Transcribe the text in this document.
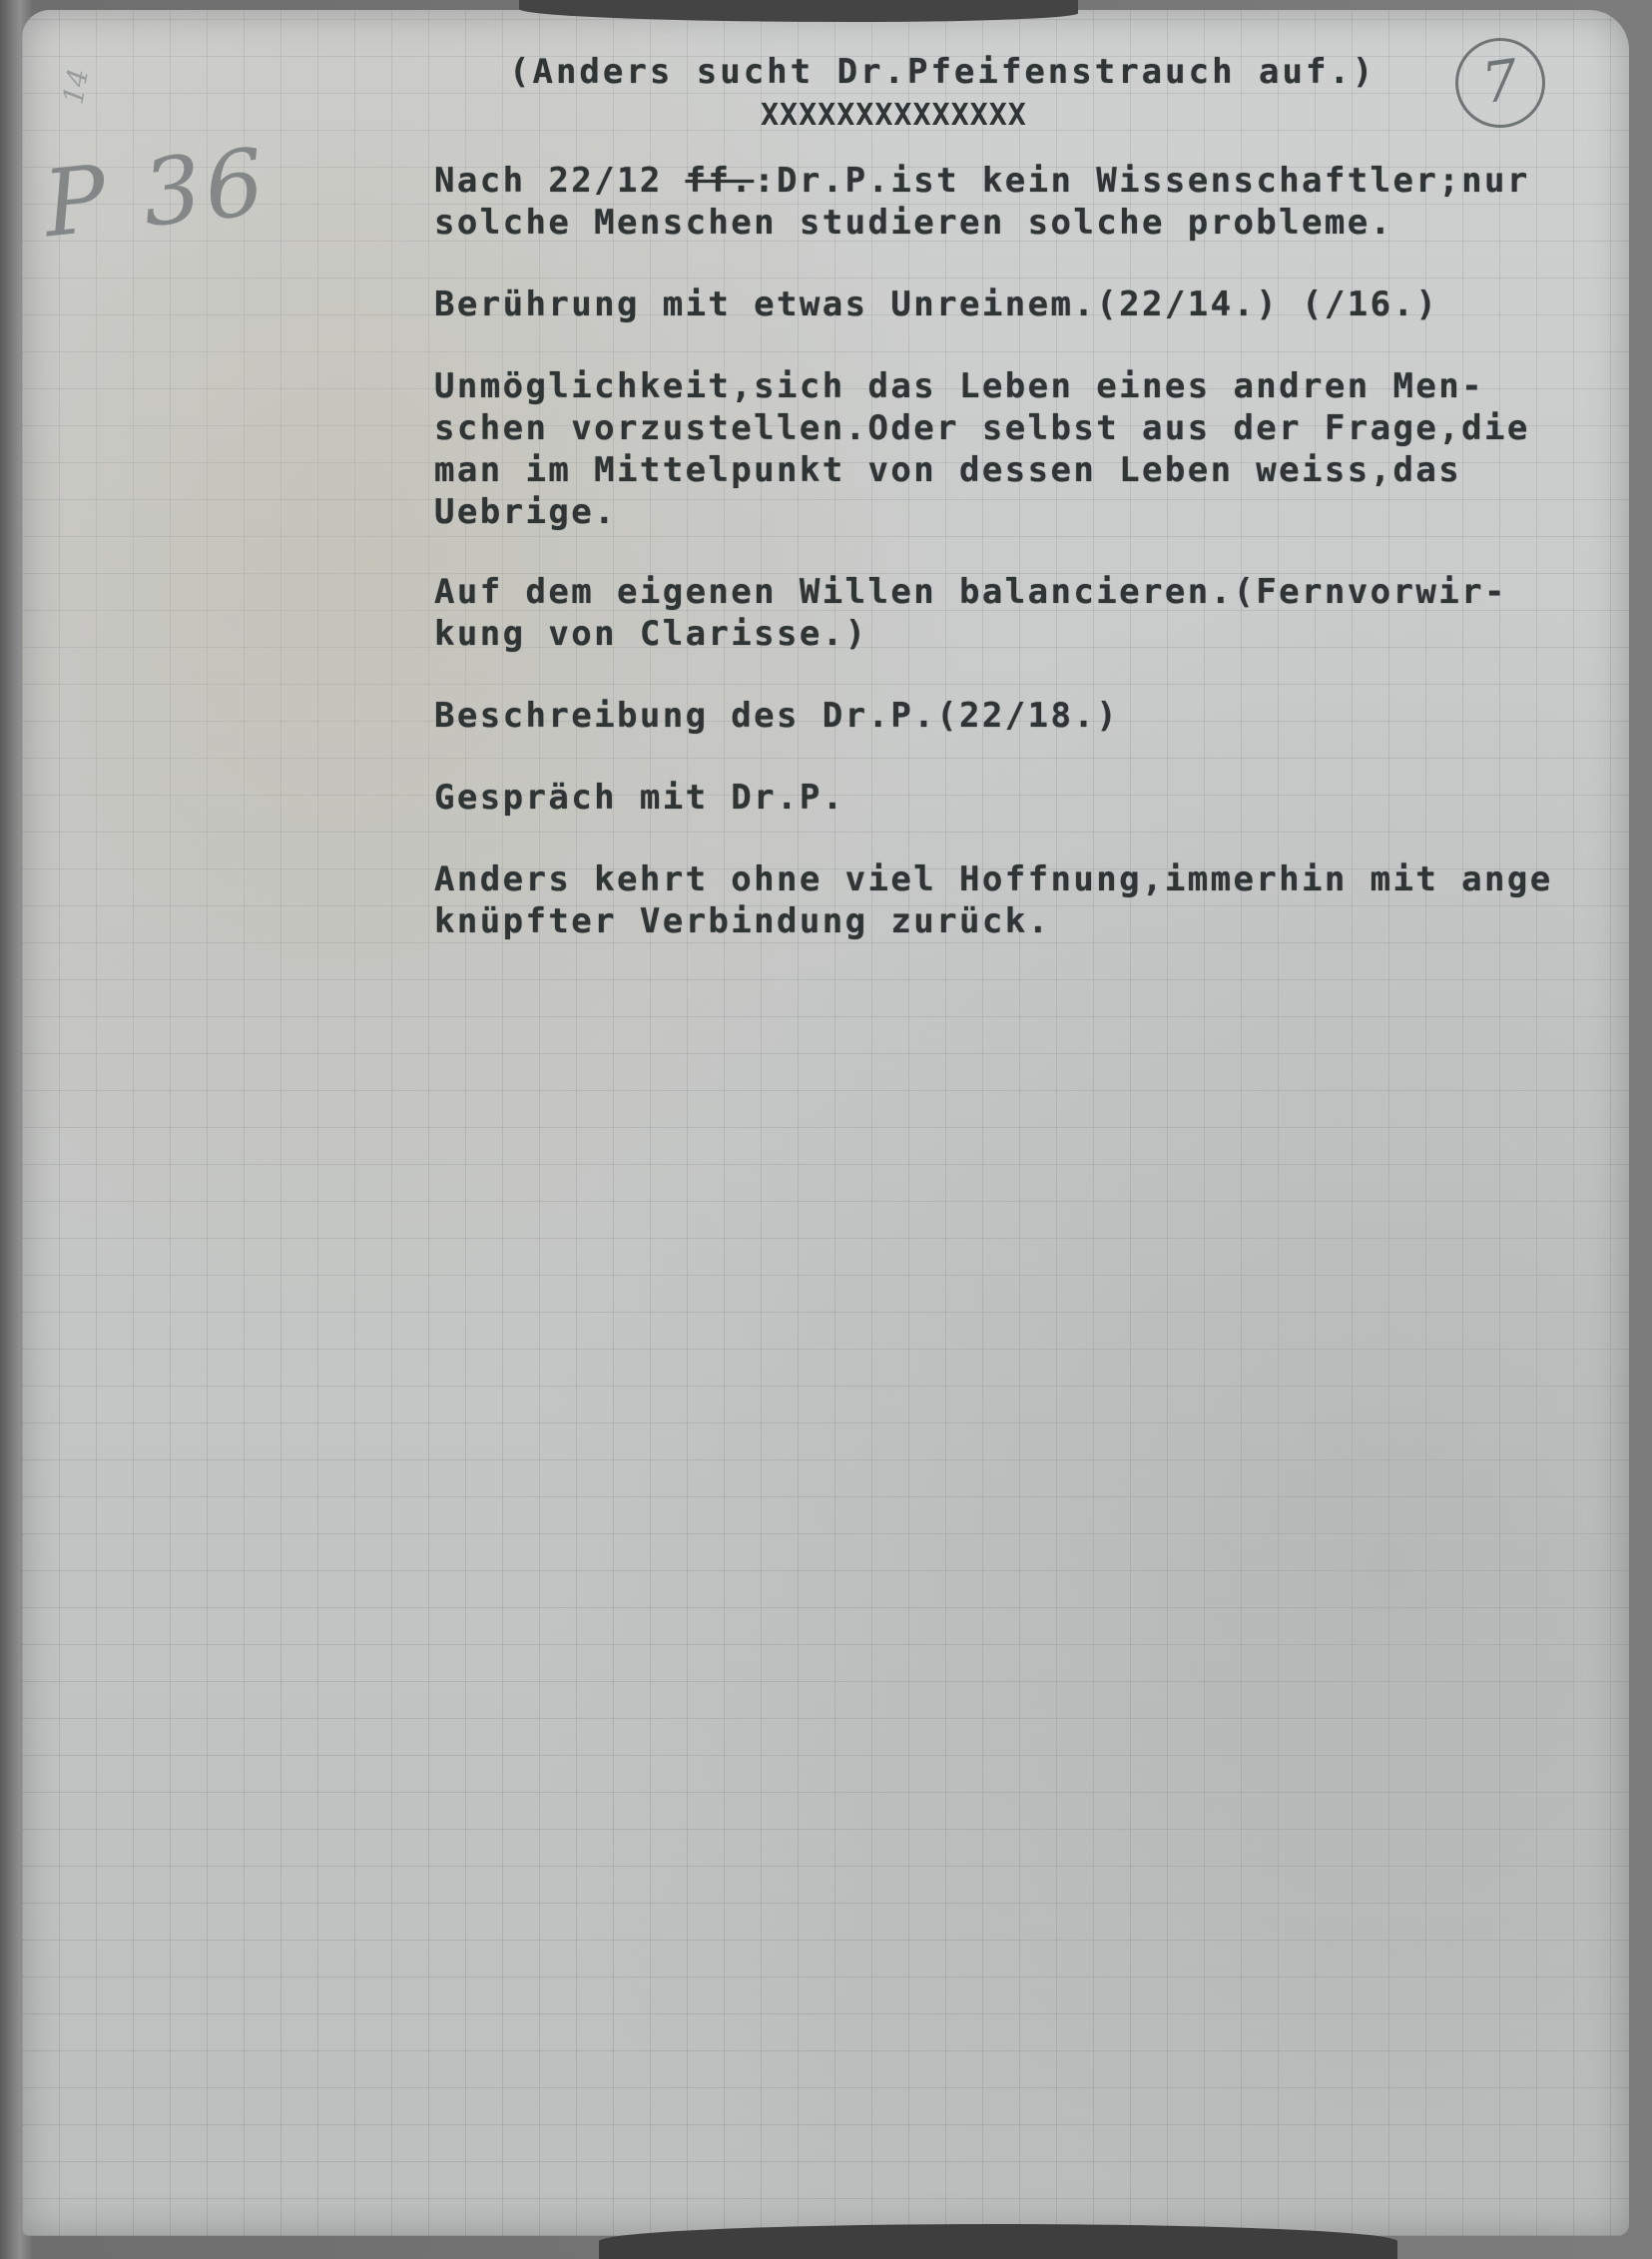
14
P 36
7
(Anders sucht Dr.Pfeifenstrauch auf.)
XXXXXXXXXXXXXX
Nach 22/12 ff.:Dr.P.ist kein Wissenschaftler;nur
solche Menschen studieren solche probleme.
Berührung mit etwas Unreinem.(22/14.) (/16.)
Unmöglichkeit,sich das Leben eines andren Men-
schen vorzustellen.Oder selbst aus der Frage,die
man im Mittelpunkt von dessen Leben weiss,das
Uebrige.
Auf dem eigenen Willen balancieren.(Fernvorwir-
kung von Clarisse.)
Beschreibung des Dr.P.(22/18.)
Gespräch mit Dr.P.
Anders kehrt ohne viel Hoffnung,immerhin mit ange
knüpfter Verbindung zurück.
